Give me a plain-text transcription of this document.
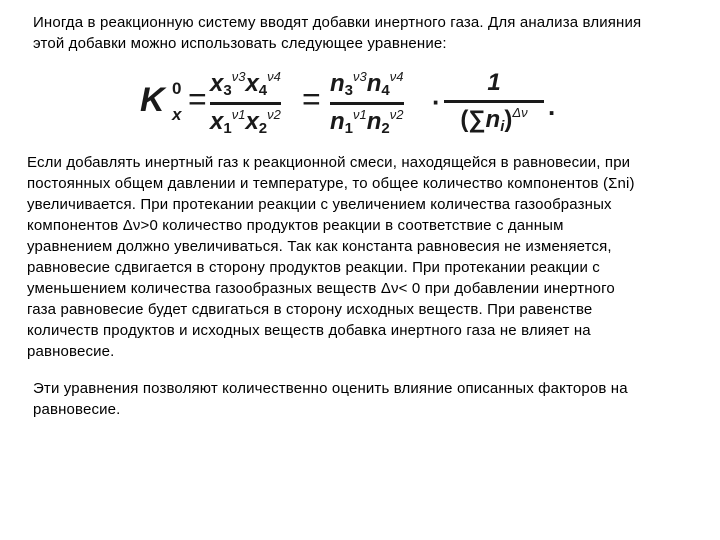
Иногда в реакционную систему вводят добавки инертного газа. Для анализа влияния
этой добавки можно использовать следующее уравнение:

K 0
$x = x_3^{\nu 3}x_4^{\nu 4}$
$x_1^{\nu 1}x_2^{\nu 2} = n_3^{\nu 3}n_4^{\nu 4}$
$n_1^{\nu 1}n_2^{\nu 2}$ ·
1
$(\sum n_i)^{\Delta\nu}$ .

Если добавлять инертный газ к реакционной смеси, находящейся в равновесии, при
постоянных общем давлении и температуре, то общее количество компонентов (Σni)
увеличивается. При протекании реакции с увеличением количества газообразных
компонентов Δν>0 количество продуктов реакции в соответствие с данным
уравнением должно увеличиваться. Так как константа равновесия не изменяется,
равновесие сдвигается в сторону продуктов реакции. При протекании реакции с
уменьшением количества газообразных веществ Δν< 0 при добавлении инертного
газа равновесие будет сдвигаться в сторону исходных веществ. При равенстве
количеств продуктов и исходных веществ добавка инертного газа не влияет на
равновесие.

Эти уравнения позволяют количественно оценить влияние описанных факторов на
равновесие.
